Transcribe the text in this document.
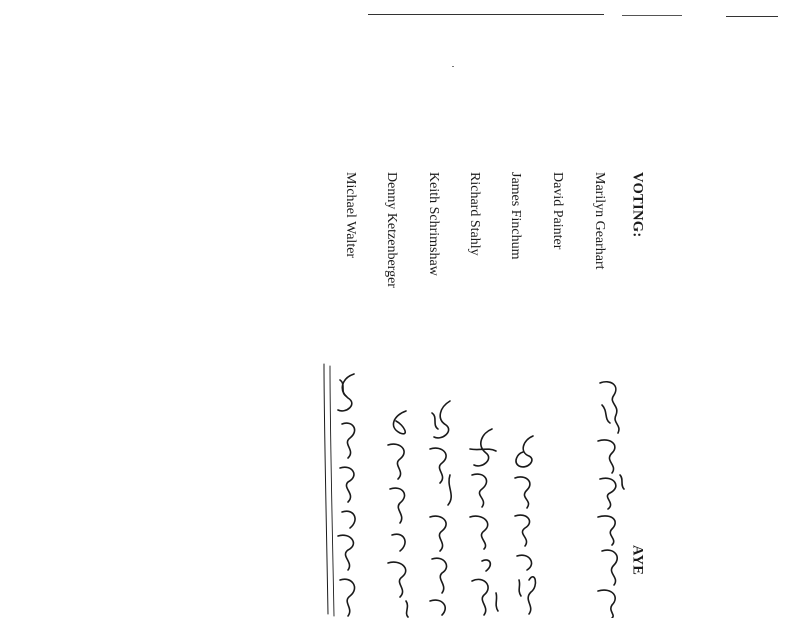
VOTING:
AYE
Marilyn Gearhart
David Painter
James Finchum
Richard Stahly
Keith Schrimshaw
Denny Ketzenberger
Michael Walter
